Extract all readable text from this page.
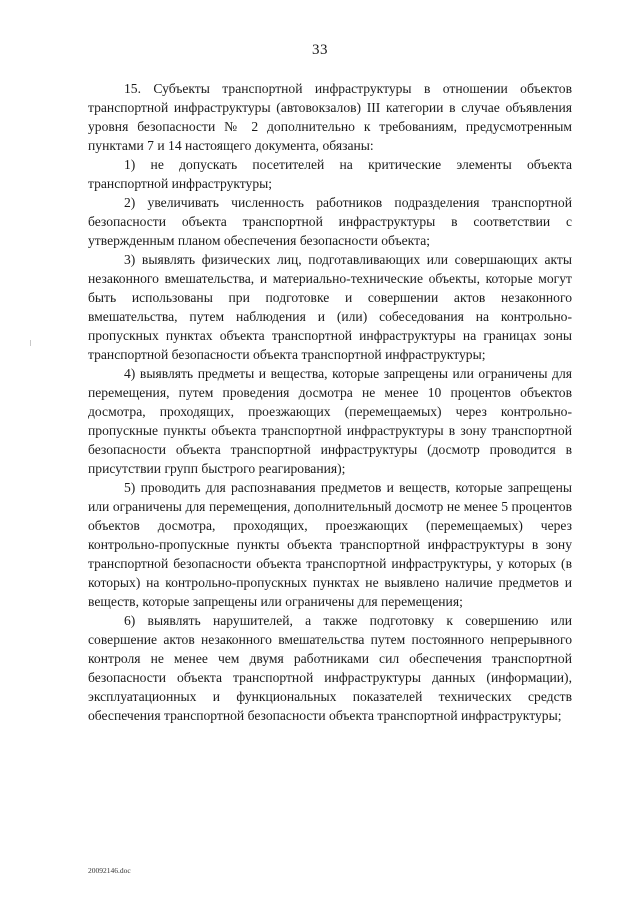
33

15. Субъекты транспортной инфраструктуры в отношении объектов транспортной инфраструктуры (автовокзалов) III категории в случае объявления уровня безопасности № 2 дополнительно к требованиям, предусмотренным пунктами 7 и 14 настоящего документа, обязаны:

1) не допускать посетителей на критические элементы объекта транспортной инфраструктуры;

2) увеличивать численность работников подразделения транспортной безопасности объекта транспортной инфраструктуры в соответствии с утвержденным планом обеспечения безопасности объекта;

3) выявлять физических лиц, подготавливающих или совершающих акты незаконного вмешательства, и материально-технические объекты, которые могут быть использованы при подготовке и совершении актов незаконного вмешательства, путем наблюдения и (или) собеседования на контрольно-пропускных пунктах объекта транспортной инфраструктуры на границах зоны транспортной безопасности объекта транспортной инфраструктуры;

4) выявлять предметы и вещества, которые запрещены или ограничены для перемещения, путем проведения досмотра не менее 10 процентов объектов досмотра, проходящих, проезжающих (перемещаемых) через контрольно-пропускные пункты объекта транспортной инфраструктуры в зону транспортной безопасности объекта транспортной инфраструктуры (досмотр проводится в присутствии групп быстрого реагирования);

5) проводить для распознавания предметов и веществ, которые запрещены или ограничены для перемещения, дополнительный досмотр не менее 5 процентов объектов досмотра, проходящих, проезжающих (перемещаемых) через контрольно-пропускные пункты объекта транспортной инфраструктуры в зону транспортной безопасности объекта транспортной инфраструктуры, у которых (в которых) на контрольно-пропускных пунктах не выявлено наличие предметов и веществ, которые запрещены или ограничены для перемещения;

6) выявлять нарушителей, а также подготовку к совершению или совершение актов незаконного вмешательства путем постоянного непрерывного контроля не менее чем двумя работниками сил обеспечения транспортной безопасности объекта транспортной инфраструктуры данных (информации), эксплуатационных и функциональных показателей технических средств обеспечения транспортной безопасности объекта транспортной инфраструктуры;

20092146.doc
